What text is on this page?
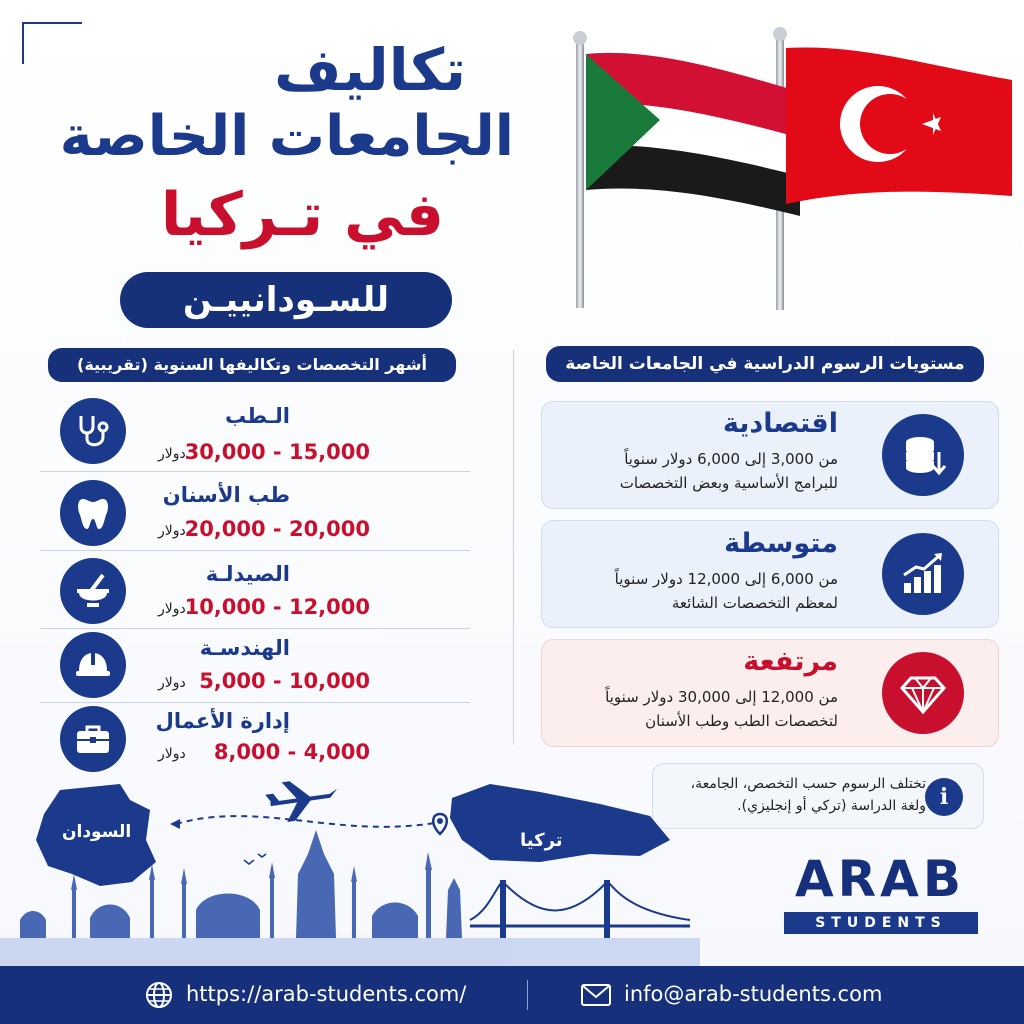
تكاليف
الجامعات الخاصة
في تـركيا
للسـودانييـن
مستويات الرسوم الدراسية في الجامعات الخاصة
اقتصادية
من 3,000 إلى 6,000 دولار سنوياً
للبرامج الأساسية وبعض التخصصات
متوسطة
من 6,000 إلى 12,000 دولار سنوياً
لمعظم التخصصات الشائعة
مرتفعة
من 12,000 إلى 30,000 دولار سنوياً
لتخصصات الطب وطب الأسنان
i
تختلف الرسوم حسب التخصص، الجامعة،
ولغة الدراسة (تركي أو إنجليزي).
أشهر التخصصات وتكاليفها السنوية (تقريبية)
الـطب
30,000 - 15,000
دولار
طب الأسنان
20,000 - 20,000
دولار
الصيدلـة
10,000 - 12,000
دولار
الهندسـة
5,000 - 10,000
دولار
إدارة الأعمال
8,000 - 4,000
دولار
السودان	تركيا
ARAB
STUDENTS
https://arab-students.com/	info@arab-students.com
